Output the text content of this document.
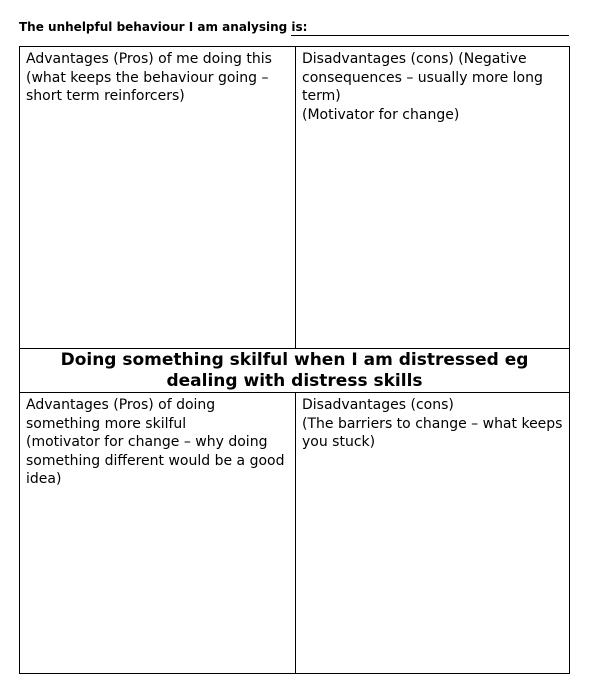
The unhelpful behaviour I am analysing is:

Advantages (Pros) of me doing this

(what keeps the behaviour going –

short term reinforcers)

Disadvantages (cons) (Negative

consequences – usually more long

term)

(Motivator for change)

Doing something skilful when I am distressed eg dealing with distress skills

Advantages (Pros) of doing

something more skilful

(motivator for change – why doing

something different would be a good

idea)

Disadvantages (cons)

(The barriers to change – what keeps

you stuck)
